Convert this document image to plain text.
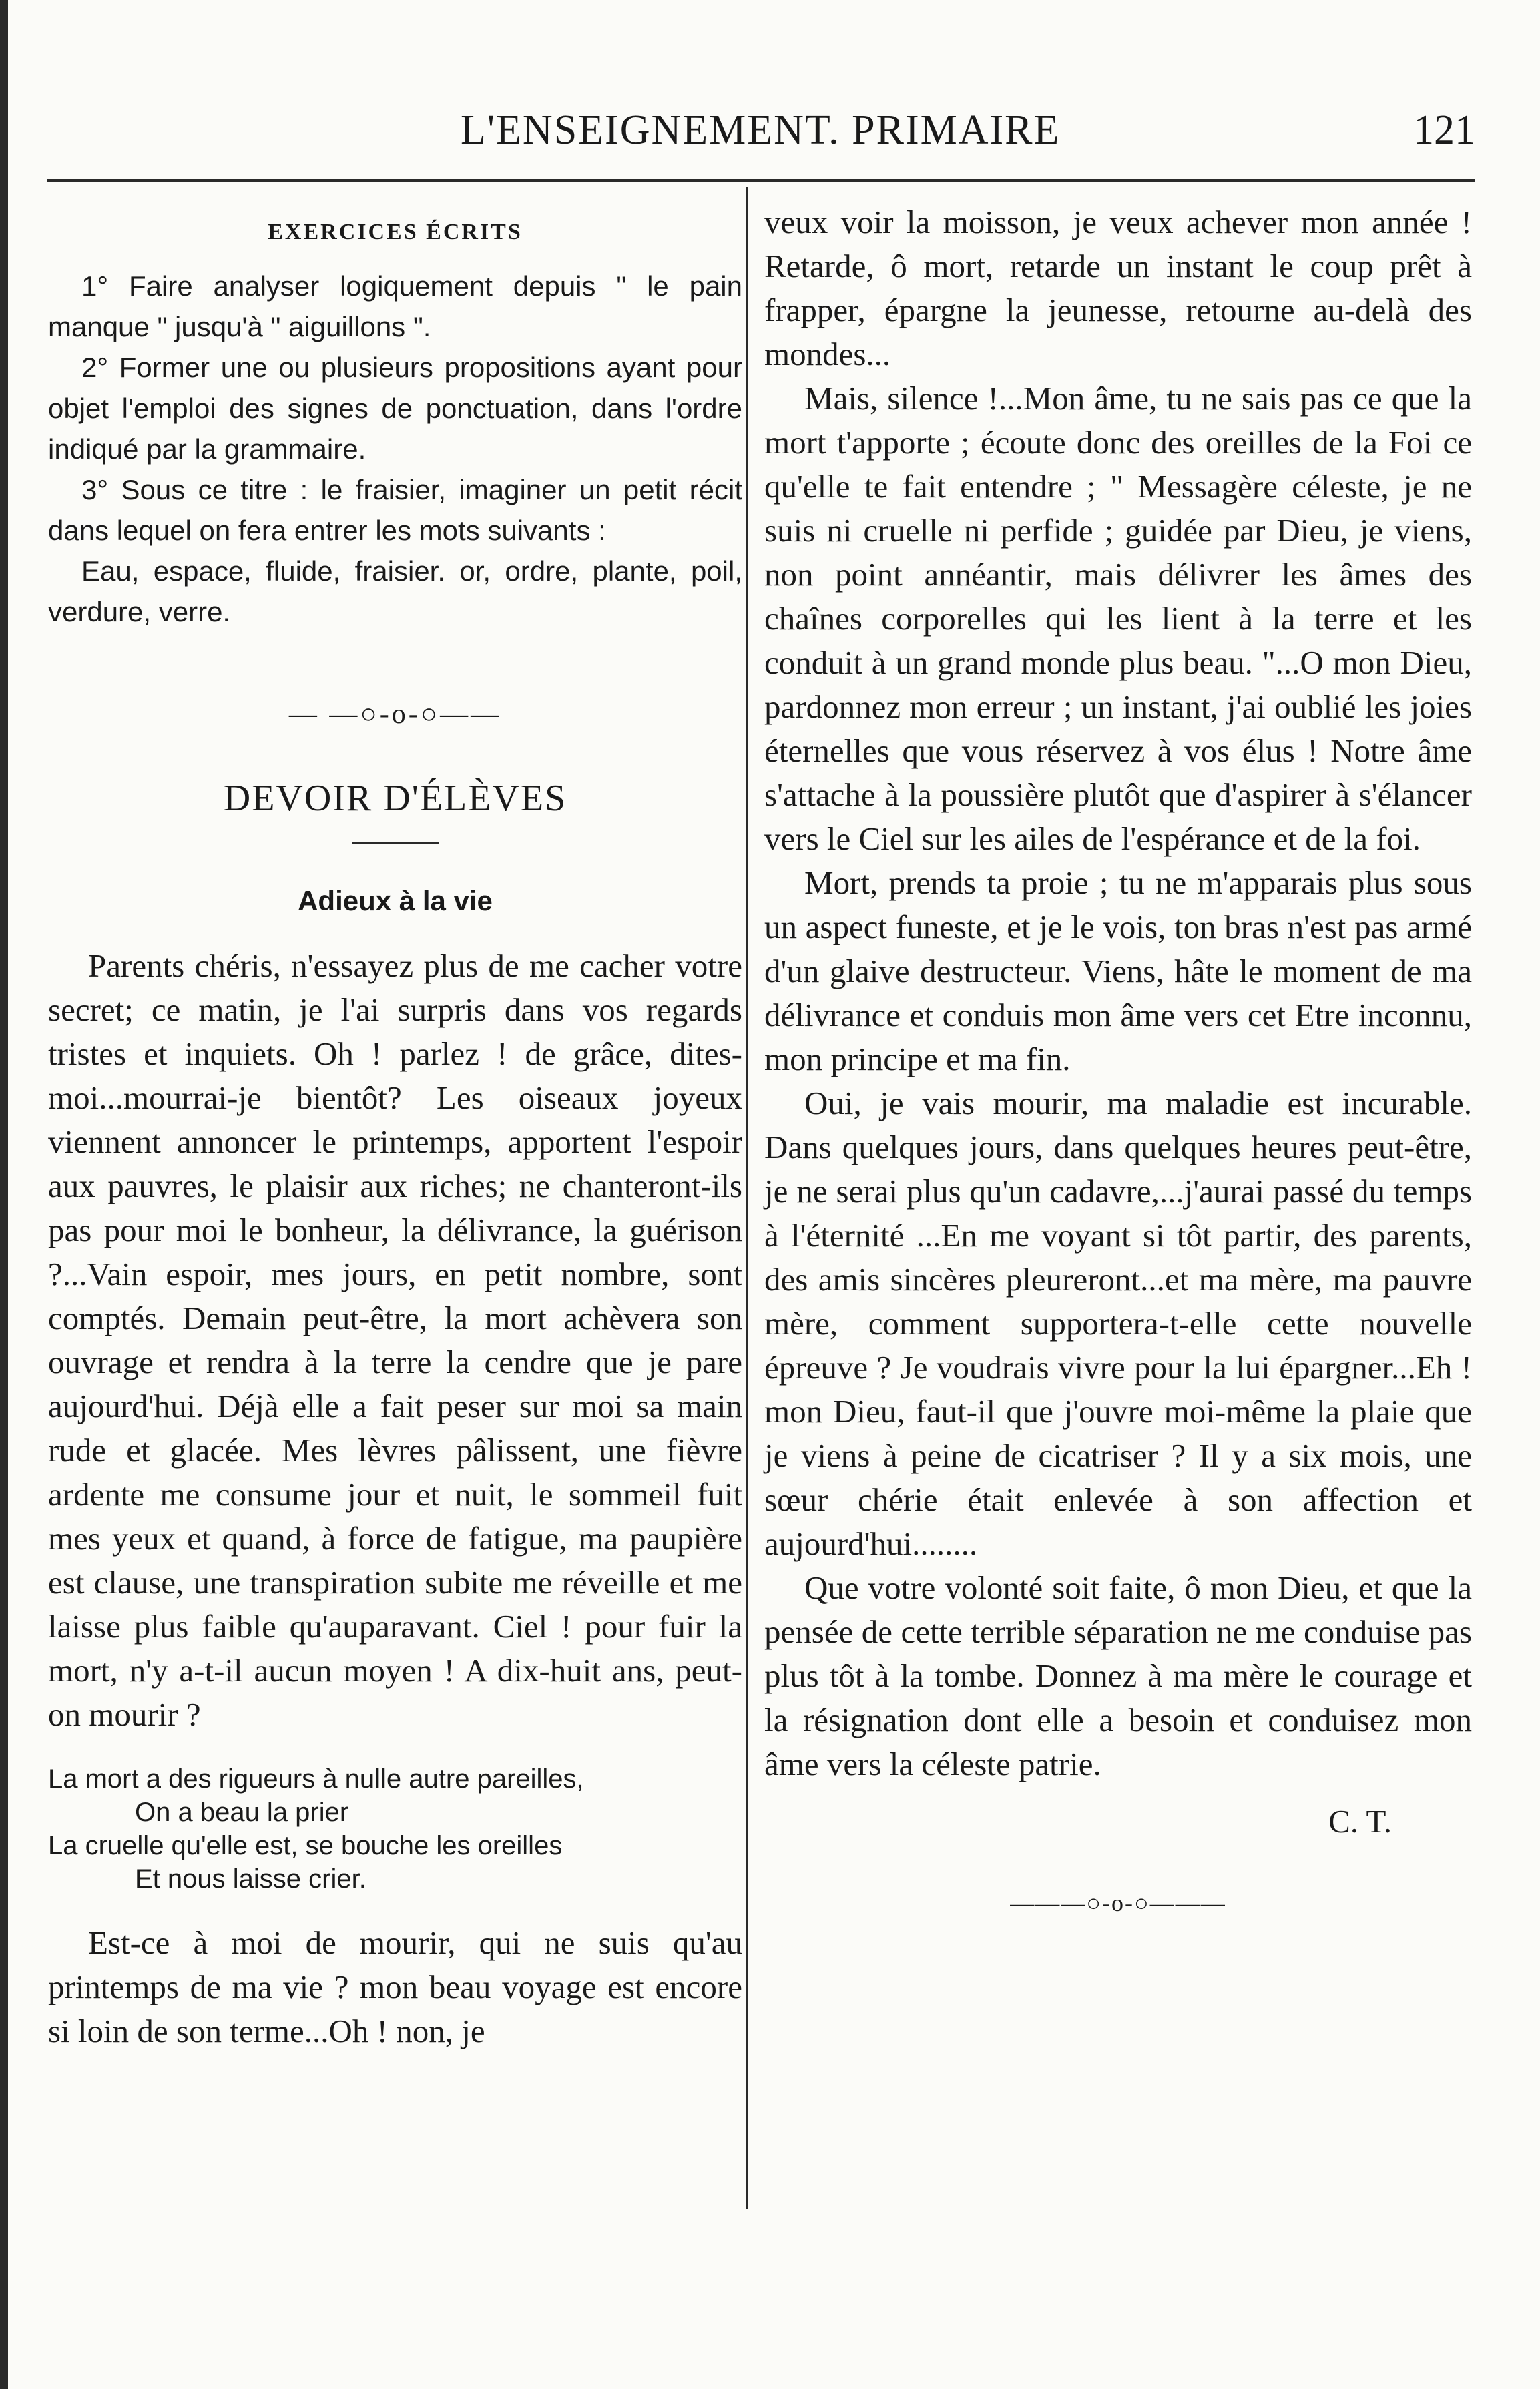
L'ENSEIGNEMENT. PRIMAIRE	121
EXERCICES ÉCRITS

1° Faire analyser logiquement depuis " le pain manque " jusqu'à " aiguillons ".

2° Former une ou plusieurs propositions ayant pour objet l'emploi des signes de ponctuation, dans l'ordre indiqué par la grammaire.

3° Sous ce titre : le fraisier, imaginer un petit récit dans lequel on fera entrer les mots suivants :

Eau, espace, fluide, fraisier. or, ordre, plante, poil, verdure, verre.

— —○-o-○——
DEVOIR D'ÉLÈVES
Adieux à la vie

Parents chéris, n'essayez plus de me cacher votre secret; ce matin, je l'ai surpris dans vos regards tristes et inquiets. Oh ! parlez ! de grâce, dites-moi...mourrai-je bientôt? Les oiseaux joyeux viennent annoncer le printemps, apportent l'espoir aux pauvres, le plaisir aux riches; ne chanteront-ils pas pour moi le bonheur, la délivrance, la guérison ?...Vain espoir, mes jours, en petit nombre, sont comptés. Demain peut-être, la mort achèvera son ouvrage et rendra à la terre la cendre que je pare aujourd'hui. Déjà elle a fait peser sur moi sa main rude et glacée. Mes lèvres pâlissent, une fièvre ardente me consume jour et nuit, le sommeil fuit mes yeux et quand, à force de fatigue, ma paupière est clause, une transpiration subite me réveille et me laisse plus faible qu'auparavant. Ciel ! pour fuir la mort, n'y a-t-il aucun moyen ! A dix-huit ans, peut-on mourir ?

La mort a des rigueurs à nulle autre pareilles,
On a beau la prier
La cruelle qu'elle est, se bouche les oreilles
Et nous laisse crier.

Est-ce à moi de mourir, qui ne suis qu'au printemps de ma vie ? mon beau voyage est encore si loin de son terme...Oh ! non, je

veux voir la moisson, je veux achever mon année ! Retarde, ô mort, retarde un instant le coup prêt à frapper, épargne la jeunesse, retourne au-delà des mondes...

Mais, silence !...Mon âme, tu ne sais pas ce que la mort t'apporte ; écoute donc des oreilles de la Foi ce qu'elle te fait entendre ; " Messagère céleste, je ne suis ni cruelle ni perfide ; guidée par Dieu, je viens, non point annéantir, mais délivrer les âmes des chaînes corporelles qui les lient à la terre et les conduit à un grand monde plus beau. "...O mon Dieu, pardonnez mon erreur ; un instant, j'ai oublié les joies éternelles que vous réservez à vos élus ! Notre âme s'attache à la poussière plutôt que d'aspirer à s'élancer vers le Ciel sur les ailes de l'espérance et de la foi.

Mort, prends ta proie ; tu ne m'apparais plus sous un aspect funeste, et je le vois, ton bras n'est pas armé d'un glaive destructeur. Viens, hâte le moment de ma délivrance et conduis mon âme vers cet Etre inconnu, mon principe et ma fin.

Oui, je vais mourir, ma maladie est incurable. Dans quelques jours, dans quelques heures peut-être, je ne serai plus qu'un cadavre,...j'aurai passé du temps à l'éternité ...En me voyant si tôt partir, des parents, des amis sincères pleureront...et ma mère, ma pauvre mère, comment supportera-t-elle cette nouvelle épreuve ? Je voudrais vivre pour la lui épargner...Eh ! mon Dieu, faut-il que j'ouvre moi-même la plaie que je viens à peine de cicatriser ? Il y a six mois, une sœur chérie était enlevée à son affection et aujourd'hui........

Que votre volonté soit faite, ô mon Dieu, et que la pensée de cette terrible séparation ne me conduise pas plus tôt à la tombe. Donnez à ma mère le courage et la résignation dont elle a besoin et conduisez mon âme vers la céleste patrie.

C. T.

———○-o-○———
